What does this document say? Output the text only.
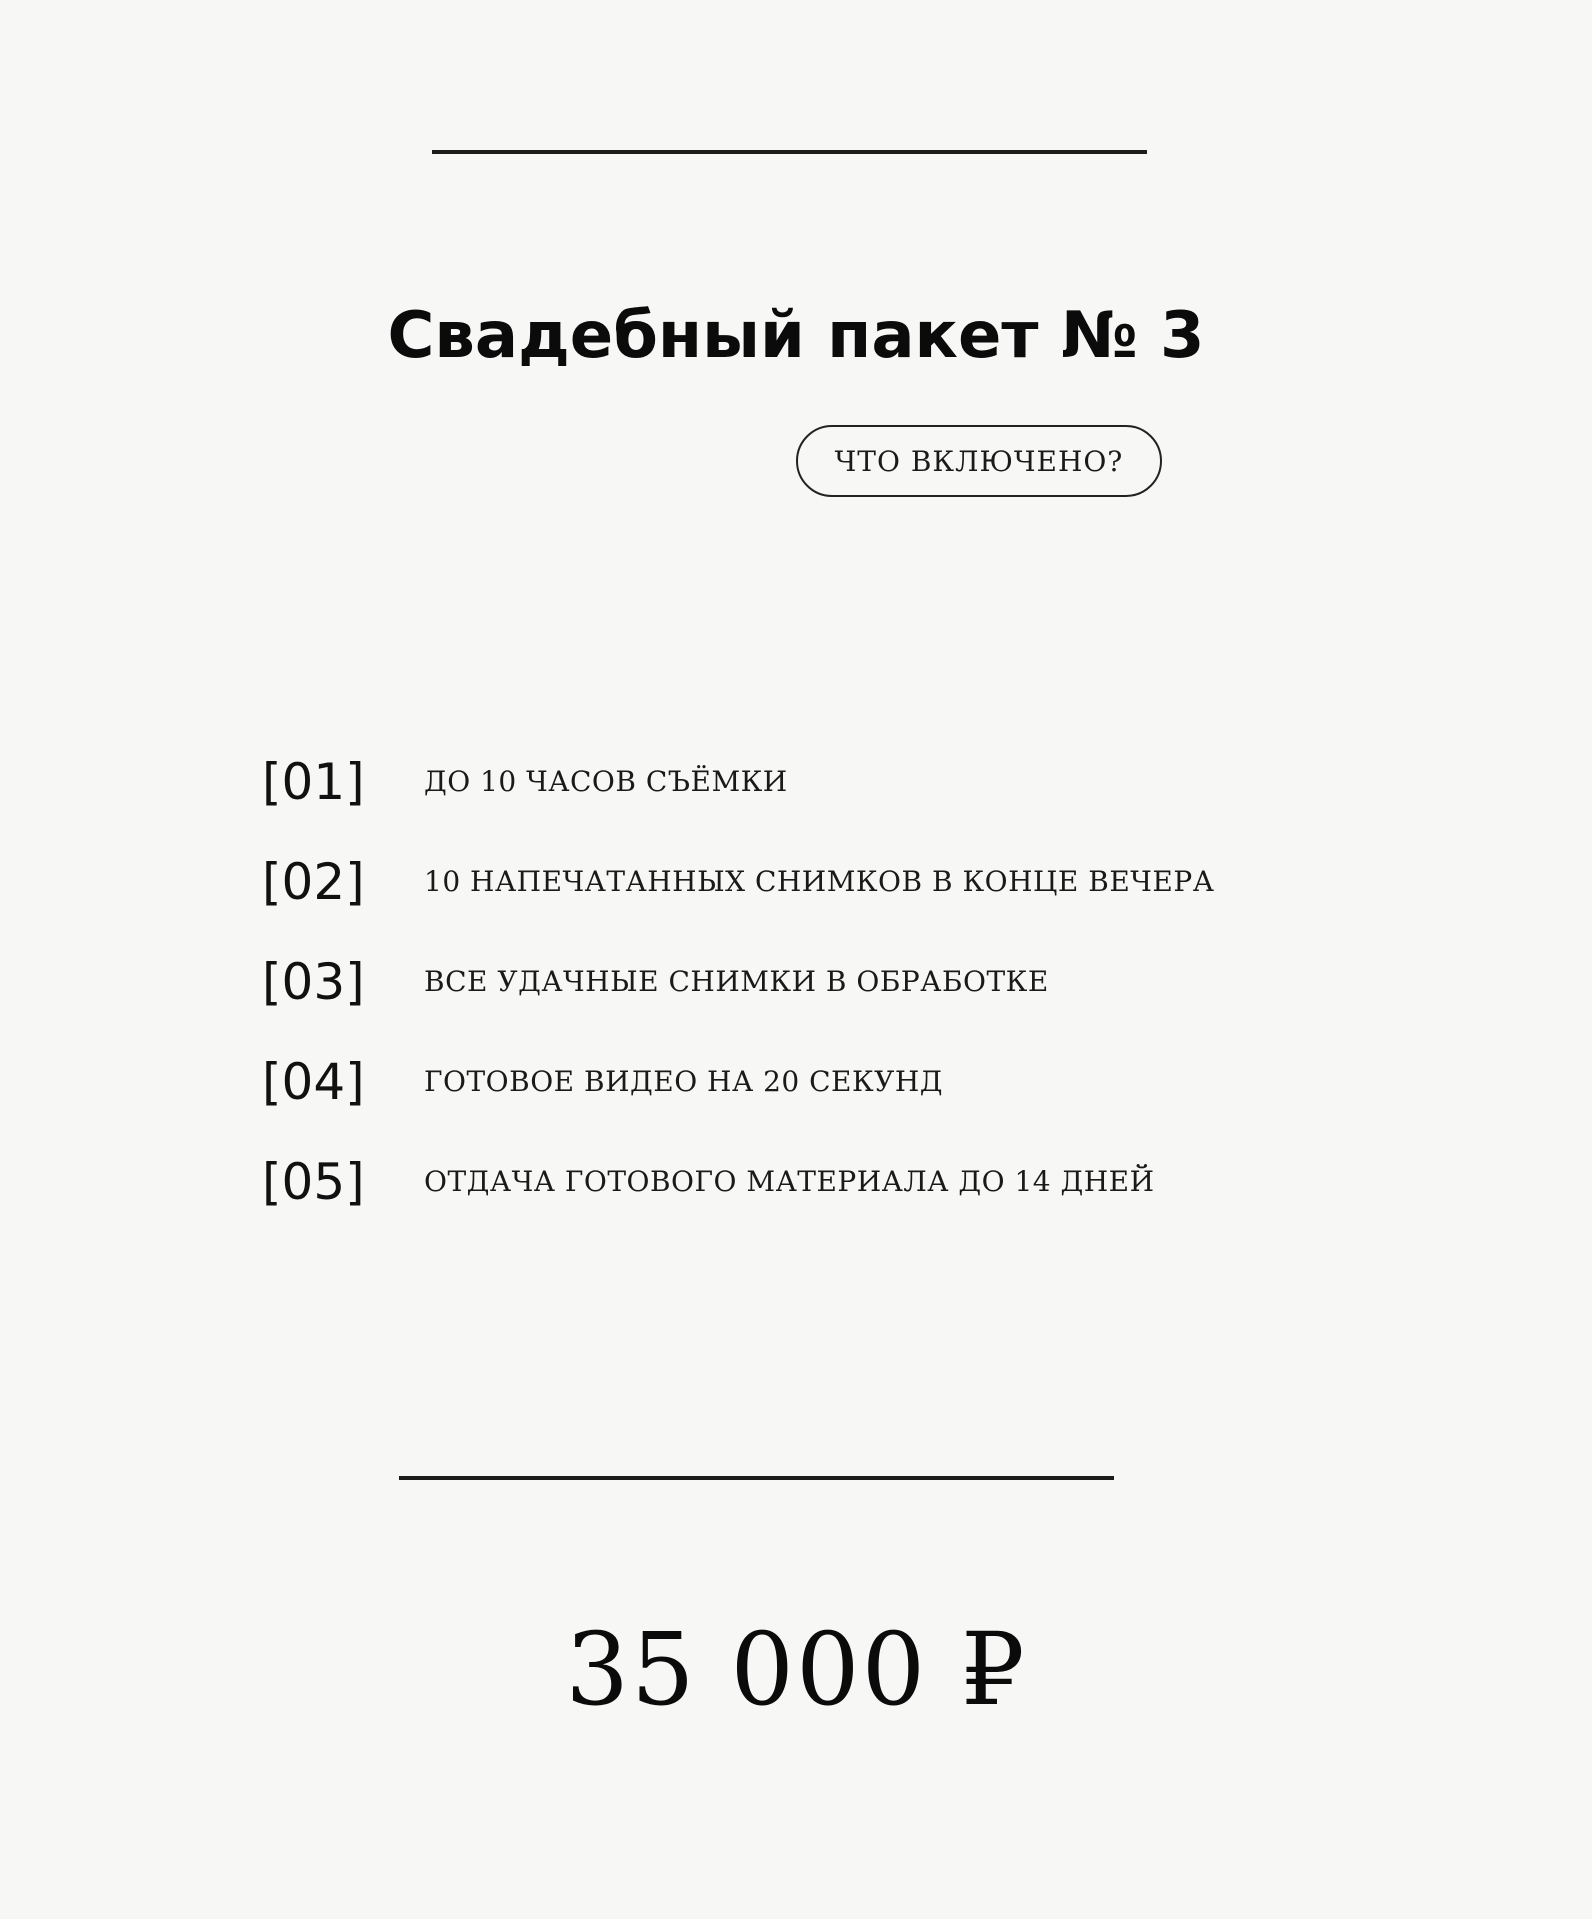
Свадебный пакет № 3
ЧТО ВКЛЮЧЕНО?
[01] ДО 10 ЧАСОВ СЪЁМКИ
[02] 10 НАПЕЧАТАННЫХ СНИМКОВ В КОНЦЕ ВЕЧЕРА
[03] ВСЕ УДАЧНЫЕ СНИМКИ В ОБРАБОТКЕ
[04] ГОТОВОЕ ВИДЕО НА 20 СЕКУНД
[05] ОТДАЧА ГОТОВОГО МАТЕРИАЛА ДО 14 ДНЕЙ
35 000 ₽
